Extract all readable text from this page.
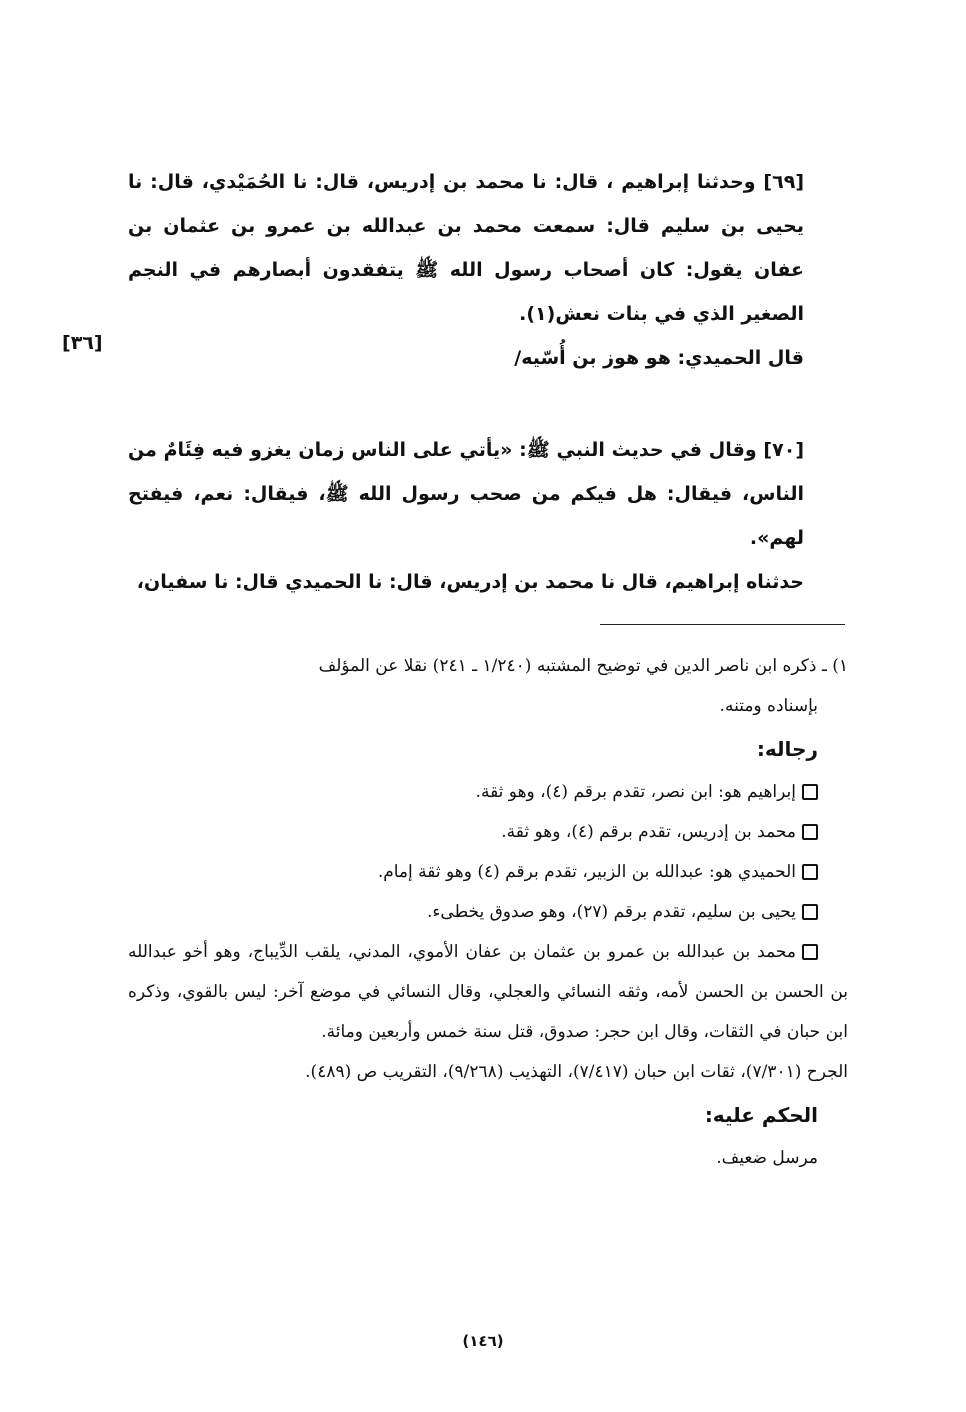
[٦٩] وحدثنا إبراهيم ، قال: نا محمد بن إدريس، قال: نا الحُمَيْدي، قال: نا يحيى بن سليم قال: سمعت محمد بن عبدالله بن عمرو بن عثمان بن عفان يقول: كان أصحاب رسول الله ﷺ يتفقدون أبصارهم في النجم الصغير الذي في بنات نعش(١).

قال الحميدي: هو هوز بن أُسّيه/

[٣٦]

[٧٠] وقال في حديث النبي ﷺ: «يأتي على الناس زمان يغزو فيه فِئَامٌ من الناس، فيقال: هل فيكم من صحب رسول الله ﷺ، فيقال: نعم، فيفتح لهم».

حدثناه إبراهيم، قال نا محمد بن إدريس، قال: نا الحميدي قال: نا سفيان،

١) ـ ذكره ابن ناصر الدين في توضيح المشتبه (١/٢٤٠ ـ ٢٤١) نقلا عن المؤلف

بإسناده ومتنه.

رجاله:

إبراهيم هو: ابن نصر، تقدم برقم (٤)، وهو ثقة.

محمد بن إدريس، تقدم برقم (٤)، وهو ثقة.

الحميدي هو: عبدالله بن الزبير، تقدم برقم (٤) وهو ثقة إمام.

يحيى بن سليم، تقدم برقم (٢٧)، وهو صدوق يخطىء.

محمد بن عبدالله بن عمرو بن عثمان بن عفان الأموي، المدني، يلقب الدِّيباج، وهو أخو عبدالله بن الحسن بن الحسن لأمه، وثقه النسائي والعجلي، وقال النسائي في موضع آخر: ليس بالقوي، وذكره ابن حبان في الثقات، وقال ابن حجر: صدوق، قتل سنة خمس وأربعين ومائة.

الجرح (٧/٣٠١)، ثقات ابن حبان (٧/٤١٧)، التهذيب (٩/٢٦٨)، التقريب ص (٤٨٩).

الحكم عليه:

مرسل ضعيف.

(١٤٦)
